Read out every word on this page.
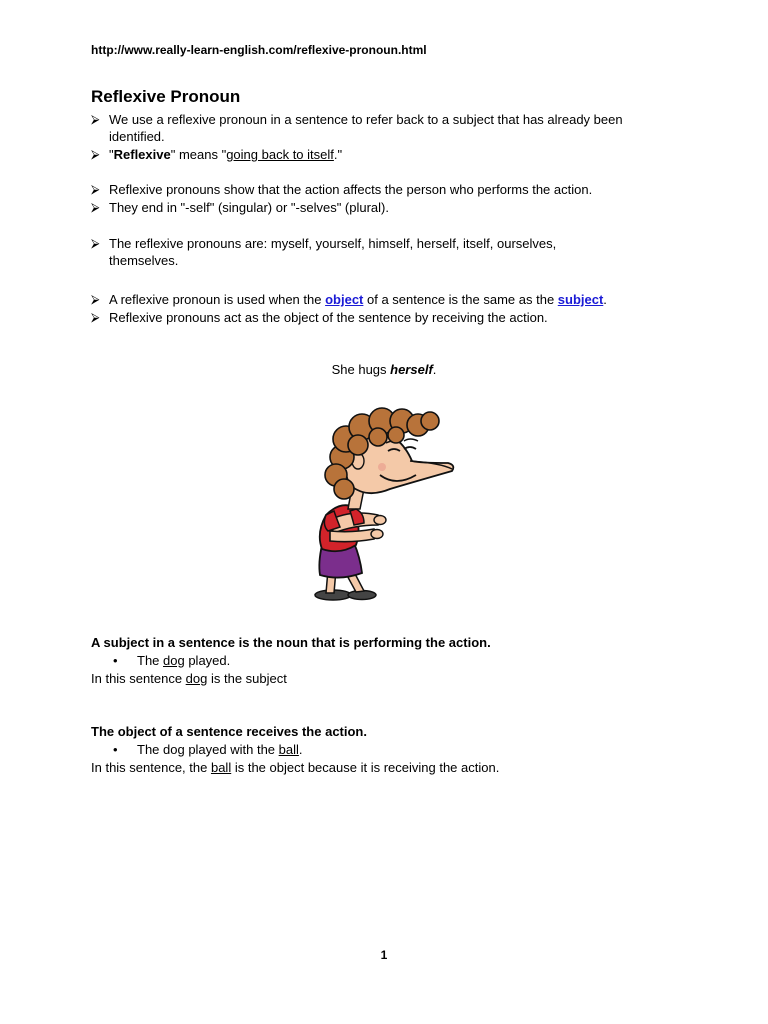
http://www.really-learn-english.com/reflexive-pronoun.html
Reflexive Pronoun
⮚ We use a reflexive pronoun in a sentence to refer back to a subject that has already been
identified.
⮚ "Reflexive" means "going back to itself."
⮚ Reflexive pronouns show that the action affects the person who performs the action.
⮚ They end in "-self" (singular) or "-selves" (plural).
⮚ The reflexive pronouns are: myself, yourself, himself, herself, itself, ourselves,
themselves.
⮚ A reflexive pronoun is used when the object of a sentence is the same as the subject.
⮚ Reflexive pronouns act as the object of the sentence by receiving the action.
She hugs herself.
A subject in a sentence is the noun that is performing the action.
• The dog played.
In this sentence dog is the subject
The object of a sentence receives the action.
• The dog played with the ball.
In this sentence, the ball is the object because it is receiving the action.
1
